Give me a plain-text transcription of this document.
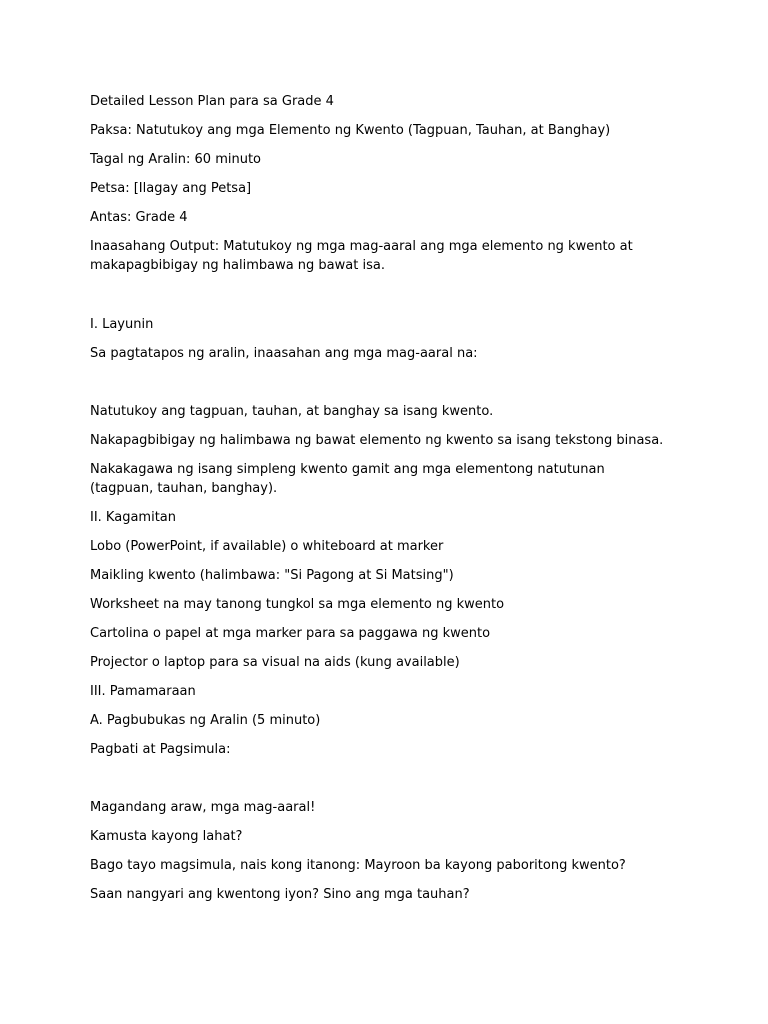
Detailed Lesson Plan para sa Grade 4

Paksa: Natutukoy ang mga Elemento ng Kwento (Tagpuan, Tauhan, at Banghay)

Tagal ng Aralin: 60 minuto

Petsa: [Ilagay ang Petsa]

Antas: Grade 4

Inaasahang Output: Matutukoy ng mga mag-aaral ang mga elemento ng kwento at makapagbibigay ng halimbawa ng bawat isa.

I. Layunin

Sa pagtatapos ng aralin, inaasahan ang mga mag-aaral na:

Natutukoy ang tagpuan, tauhan, at banghay sa isang kwento.

Nakapagbibigay ng halimbawa ng bawat elemento ng kwento sa isang tekstong binasa.

Nakakagawa ng isang simpleng kwento gamit ang mga elementong natutunan (tagpuan, tauhan, banghay).

II. Kagamitan

Lobo (PowerPoint, if available) o whiteboard at marker

Maikling kwento (halimbawa: "Si Pagong at Si Matsing")

Worksheet na may tanong tungkol sa mga elemento ng kwento

Cartolina o papel at mga marker para sa paggawa ng kwento

Projector o laptop para sa visual na aids (kung available)

III. Pamamaraan

A. Pagbubukas ng Aralin (5 minuto)

Pagbati at Pagsimula:

Magandang araw, mga mag-aaral!

Kamusta kayong lahat?

Bago tayo magsimula, nais kong itanong: Mayroon ba kayong paboritong kwento?

Saan nangyari ang kwentong iyon? Sino ang mga tauhan?
